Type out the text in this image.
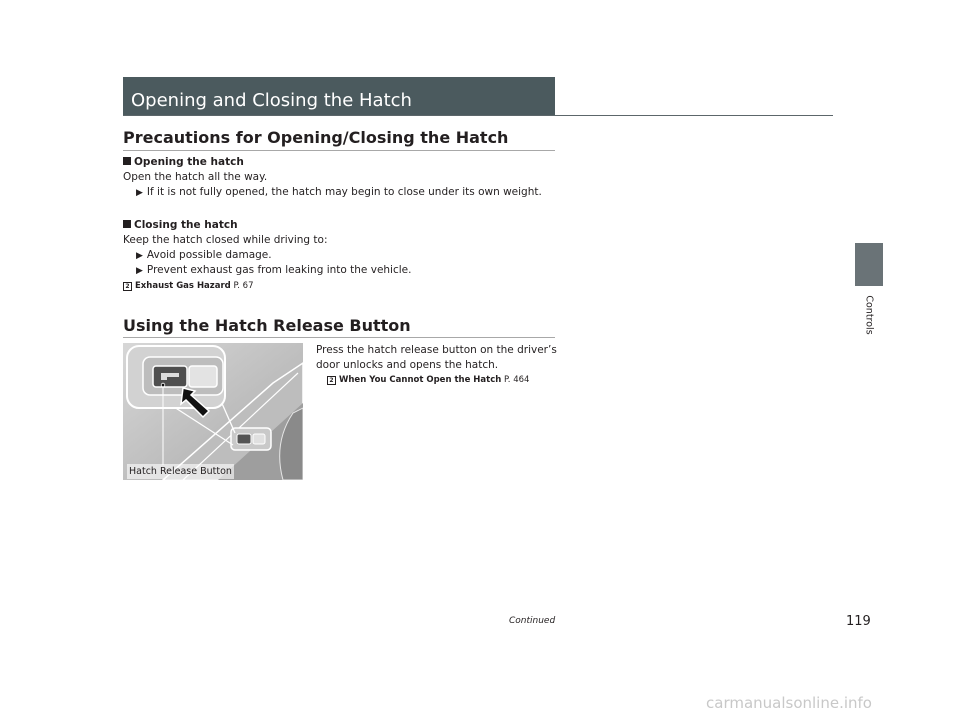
Opening and Closing the Hatch
Controls
Precautions for Opening/Closing the Hatch
Opening the hatch
Open the hatch all the way.
▶ If it is not fully opened, the hatch may begin to close under its own weight.
Closing the hatch
Keep the hatch closed while driving to:
▶ Avoid possible damage.
▶ Prevent exhaust gas from leaking into the vehicle.
2 Exhaust Gas Hazard P. 67
Using the Hatch Release Button
Press the hatch release button on the driver’s
door unlocks and opens the hatch.
2 When You Cannot Open the Hatch P. 464
Hatch Release Button
Continued	119
carmanualsonline.info
